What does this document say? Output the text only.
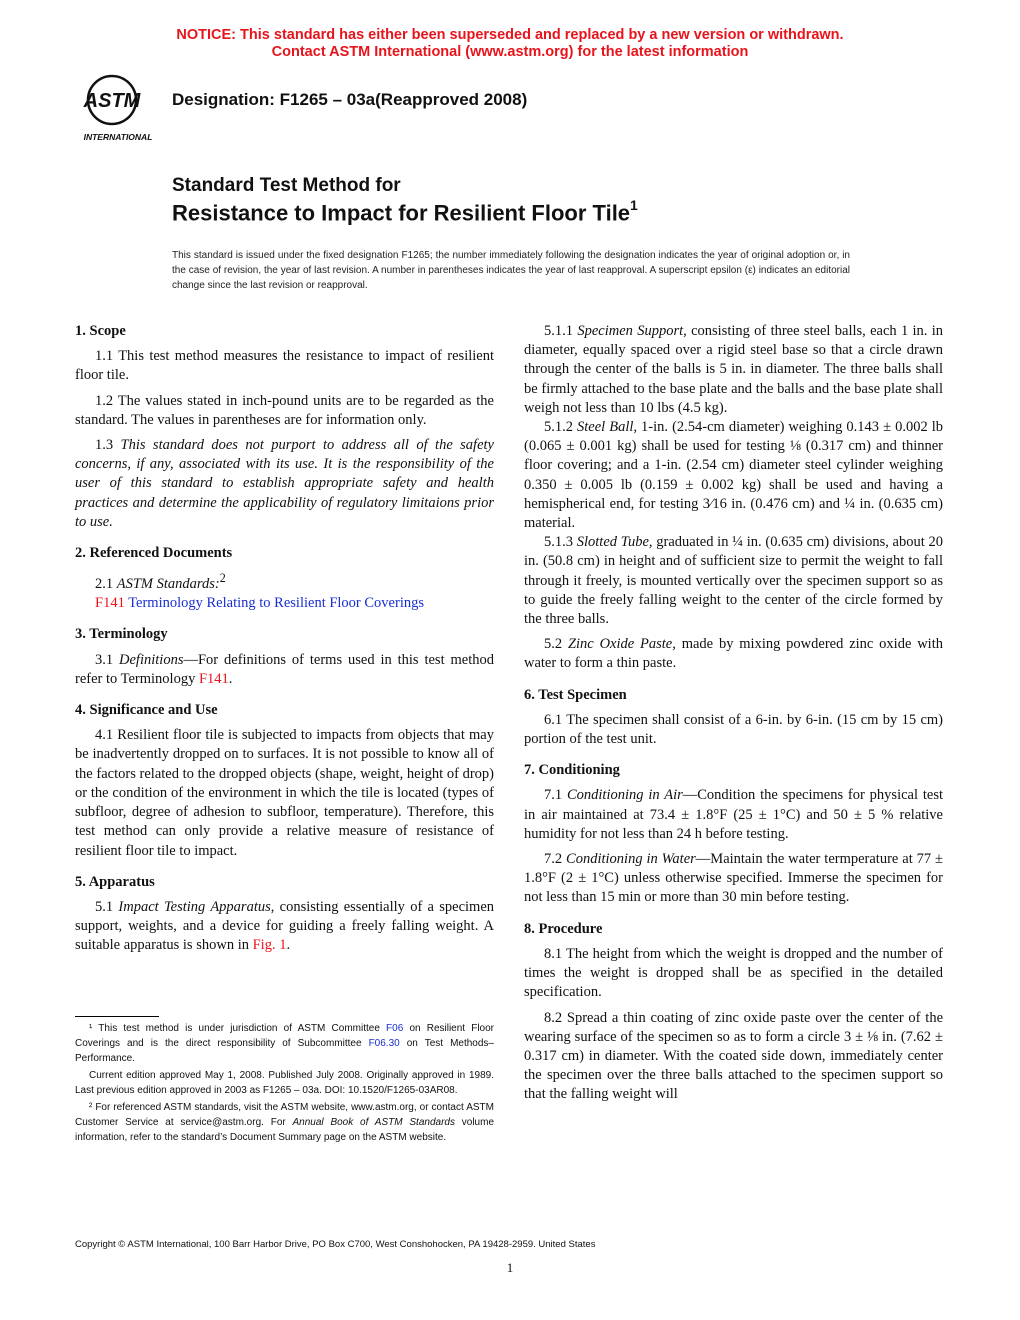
NOTICE: This standard has either been superseded and replaced by a new version or withdrawn.
Contact ASTM International (www.astm.org) for the latest information
ASTM
INTERNATIONAL
Designation: F1265 – 03a(Reapproved 2008)
Standard Test Method for
Resistance to Impact for Resilient Floor Tile$^1$
This standard is issued under the fixed designation F1265; the number immediately following the designation indicates the year of original adoption or, in the case of revision, the year of last revision. A number in parentheses indicates the year of last reapproval. A superscript epsilon (ε) indicates an editorial change since the last revision or reapproval.
1. Scope
1.1 This test method measures the resistance to impact of resilient floor tile.
1.2 The values stated in inch-pound units are to be regarded as the standard. The values in parentheses are for information only.
1.3 This standard does not purport to address all of the safety concerns, if any, associated with its use. It is the responsibility of the user of this standard to establish appropriate safety and health practices and determine the applicability of regulatory limitaions prior to use.
2. Referenced Documents
2.1 ASTM Standards:$^2$
F141 Terminology Relating to Resilient Floor Coverings
3. Terminology
3.1 Definitions—For definitions of terms used in this test method refer to Terminology F141.
4. Significance and Use
4.1 Resilient floor tile is subjected to impacts from objects that may be inadvertently dropped on to surfaces. It is not possible to know all of the factors related to the dropped objects (shape, weight, height of drop) or the condition of the environment in which the tile is located (types of subfloor, degree of adhesion to subfloor, temperature). Therefore, this test method can only provide a relative measure of resistance of resilient floor tile to impact.
5. Apparatus
5.1 Impact Testing Apparatus, consisting essentially of a specimen support, weights, and a device for guiding a freely falling weight. A suitable apparatus is shown in Fig. 1.
¹ This test method is under jurisdiction of ASTM Committee F06 on Resilient Floor Coverings and is the direct responsibility of Subcommittee F06.30 on Test Methods–Performance.
Current edition approved May 1, 2008. Published July 2008. Originally approved in 1989. Last previous edition approved in 2003 as F1265 – 03a. DOI: 10.1520/F1265-03AR08.
² For referenced ASTM standards, visit the ASTM website, www.astm.org, or contact ASTM Customer Service at service@astm.org. For Annual Book of ASTM Standards volume information, refer to the standard’s Document Summary page on the ASTM website.
5.1.1 Specimen Support, consisting of three steel balls, each 1 in. in diameter, equally spaced over a rigid steel base so that a circle drawn through the center of the balls is 5 in. in diameter. The three balls shall be firmly attached to the base plate and the balls and the base plate shall weigh not less than 10 lbs (4.5 kg).
5.1.2 Steel Ball, 1-in. (2.54-cm diameter) weighing 0.143 ± 0.002 lb (0.065 ± 0.001 kg) shall be used for testing ⅛ (0.317 cm) and thinner floor covering; and a 1-in. (2.54 cm) diameter steel cylinder weighing 0.350 ± 0.005 lb (0.159 ± 0.002 kg) shall be used and having a hemispherical end, for testing 3⁄16 in. (0.476 cm) and ¼ in. (0.635 cm) material.
5.1.3 Slotted Tube, graduated in ¼ in. (0.635 cm) divisions, about 20 in. (50.8 cm) in height and of sufficient size to permit the weight to fall through it freely, is mounted vertically over the specimen support so as to guide the freely falling weight to the center of the circle formed by the three balls.
5.2 Zinc Oxide Paste, made by mixing powdered zinc oxide with water to form a thin paste.
6. Test Specimen
6.1 The specimen shall consist of a 6-in. by 6-in. (15 cm by 15 cm) portion of the test unit.
7. Conditioning
7.1 Conditioning in Air—Condition the specimens for physical test in air maintained at 73.4 ± 1.8°F (25 ± 1°C) and 50 ± 5 % relative humidity for not less than 24 h before testing.
7.2 Conditioning in Water—Maintain the water termperature at 77 ± 1.8°F (2 ± 1°C) unless otherwise specified. Immerse the specimen for not less than 15 min or more than 30 min before testing.
8. Procedure
8.1 The height from which the weight is dropped and the number of times the weight is dropped shall be as specified in the detailed specification.
8.2 Spread a thin coating of zinc oxide paste over the center of the wearing surface of the specimen so as to form a circle 3 ± ⅛ in. (7.62 ± 0.317 cm) in diameter. With the coated side down, immediately center the specimen over the three balls attached to the specimen support so that the falling weight will
Copyright © ASTM International, 100 Barr Harbor Drive, PO Box C700, West Conshohocken, PA 19428-2959. United States
1
